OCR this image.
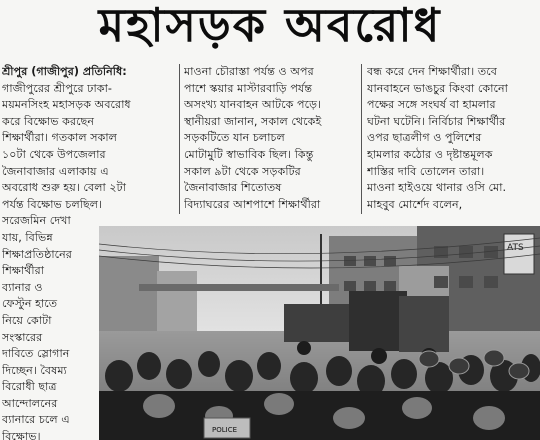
মহাসড়ক অবরোধ

শ্রীপুর (গাজীপুর) প্রতিনিধি:

গাজীপুরের শ্রীপুরে ঢাকা-

ময়মনসিংহ মহাসড়ক অবরোধ

করে বিক্ষোভ করছেন

শিক্ষার্থীরা। গতকাল সকাল

১০টা থেকে উপজেলার

জৈনাবাজার এলাকায় এ

অবরোধ শুরু হয়। বেলা ২টা

পর্যন্ত বিক্ষোভ চলছিল।

সরেজমিন দেখা

যায়, বিভিন্ন

শিক্ষাপ্রতিষ্ঠানের

শিক্ষার্থীরা

ব্যানার ও

ফেস্টুন হাতে

নিয়ে কোটা

সংস্কারের

দাবিতে স্লোগান

দিচ্ছেন। বৈষম্য

বিরোধী ছাত্র

আন্দোলনের

ব্যানারে চলে এ

বিক্ষোভ।

মাওনা চৌরাস্তা পর্যন্ত ও অপর

পাশে স্কয়ার মাস্টারবাড়ি পর্যন্ত

অসংখ্য যানবাহন আটকে পড়ে।

স্থানীয়রা জানান, সকাল থেকেই

সড়কটিতে যান চলাচল

মোটামুটি স্বাভাবিক ছিল। কিন্তু

সকাল ৯টা থেকে সড়কটির

জৈনাবাজার শিতোতষ

বিদ্যাঘরের আশপাশে শিক্ষার্থীরা

বন্ধ করে দেন শিক্ষার্থীরা। তবে

যানবাহনে ভাঙচুর কিংবা কোনো

পক্ষের সঙ্গে সংঘর্ষ বা হামলার

ঘটনা ঘটেনি। নির্বিচার শিক্ষার্থীর

ওপর ছাত্রলীগ ও পুলিশের

হামলার কঠোর ও দৃষ্টান্তমূলক

শাস্তির দাবি তোলেন তারা।

মাওনা হাইওয়ে থানার ওসি মো.

মাহবুব মোর্শেদ বলেন,

ATS
POLICE
